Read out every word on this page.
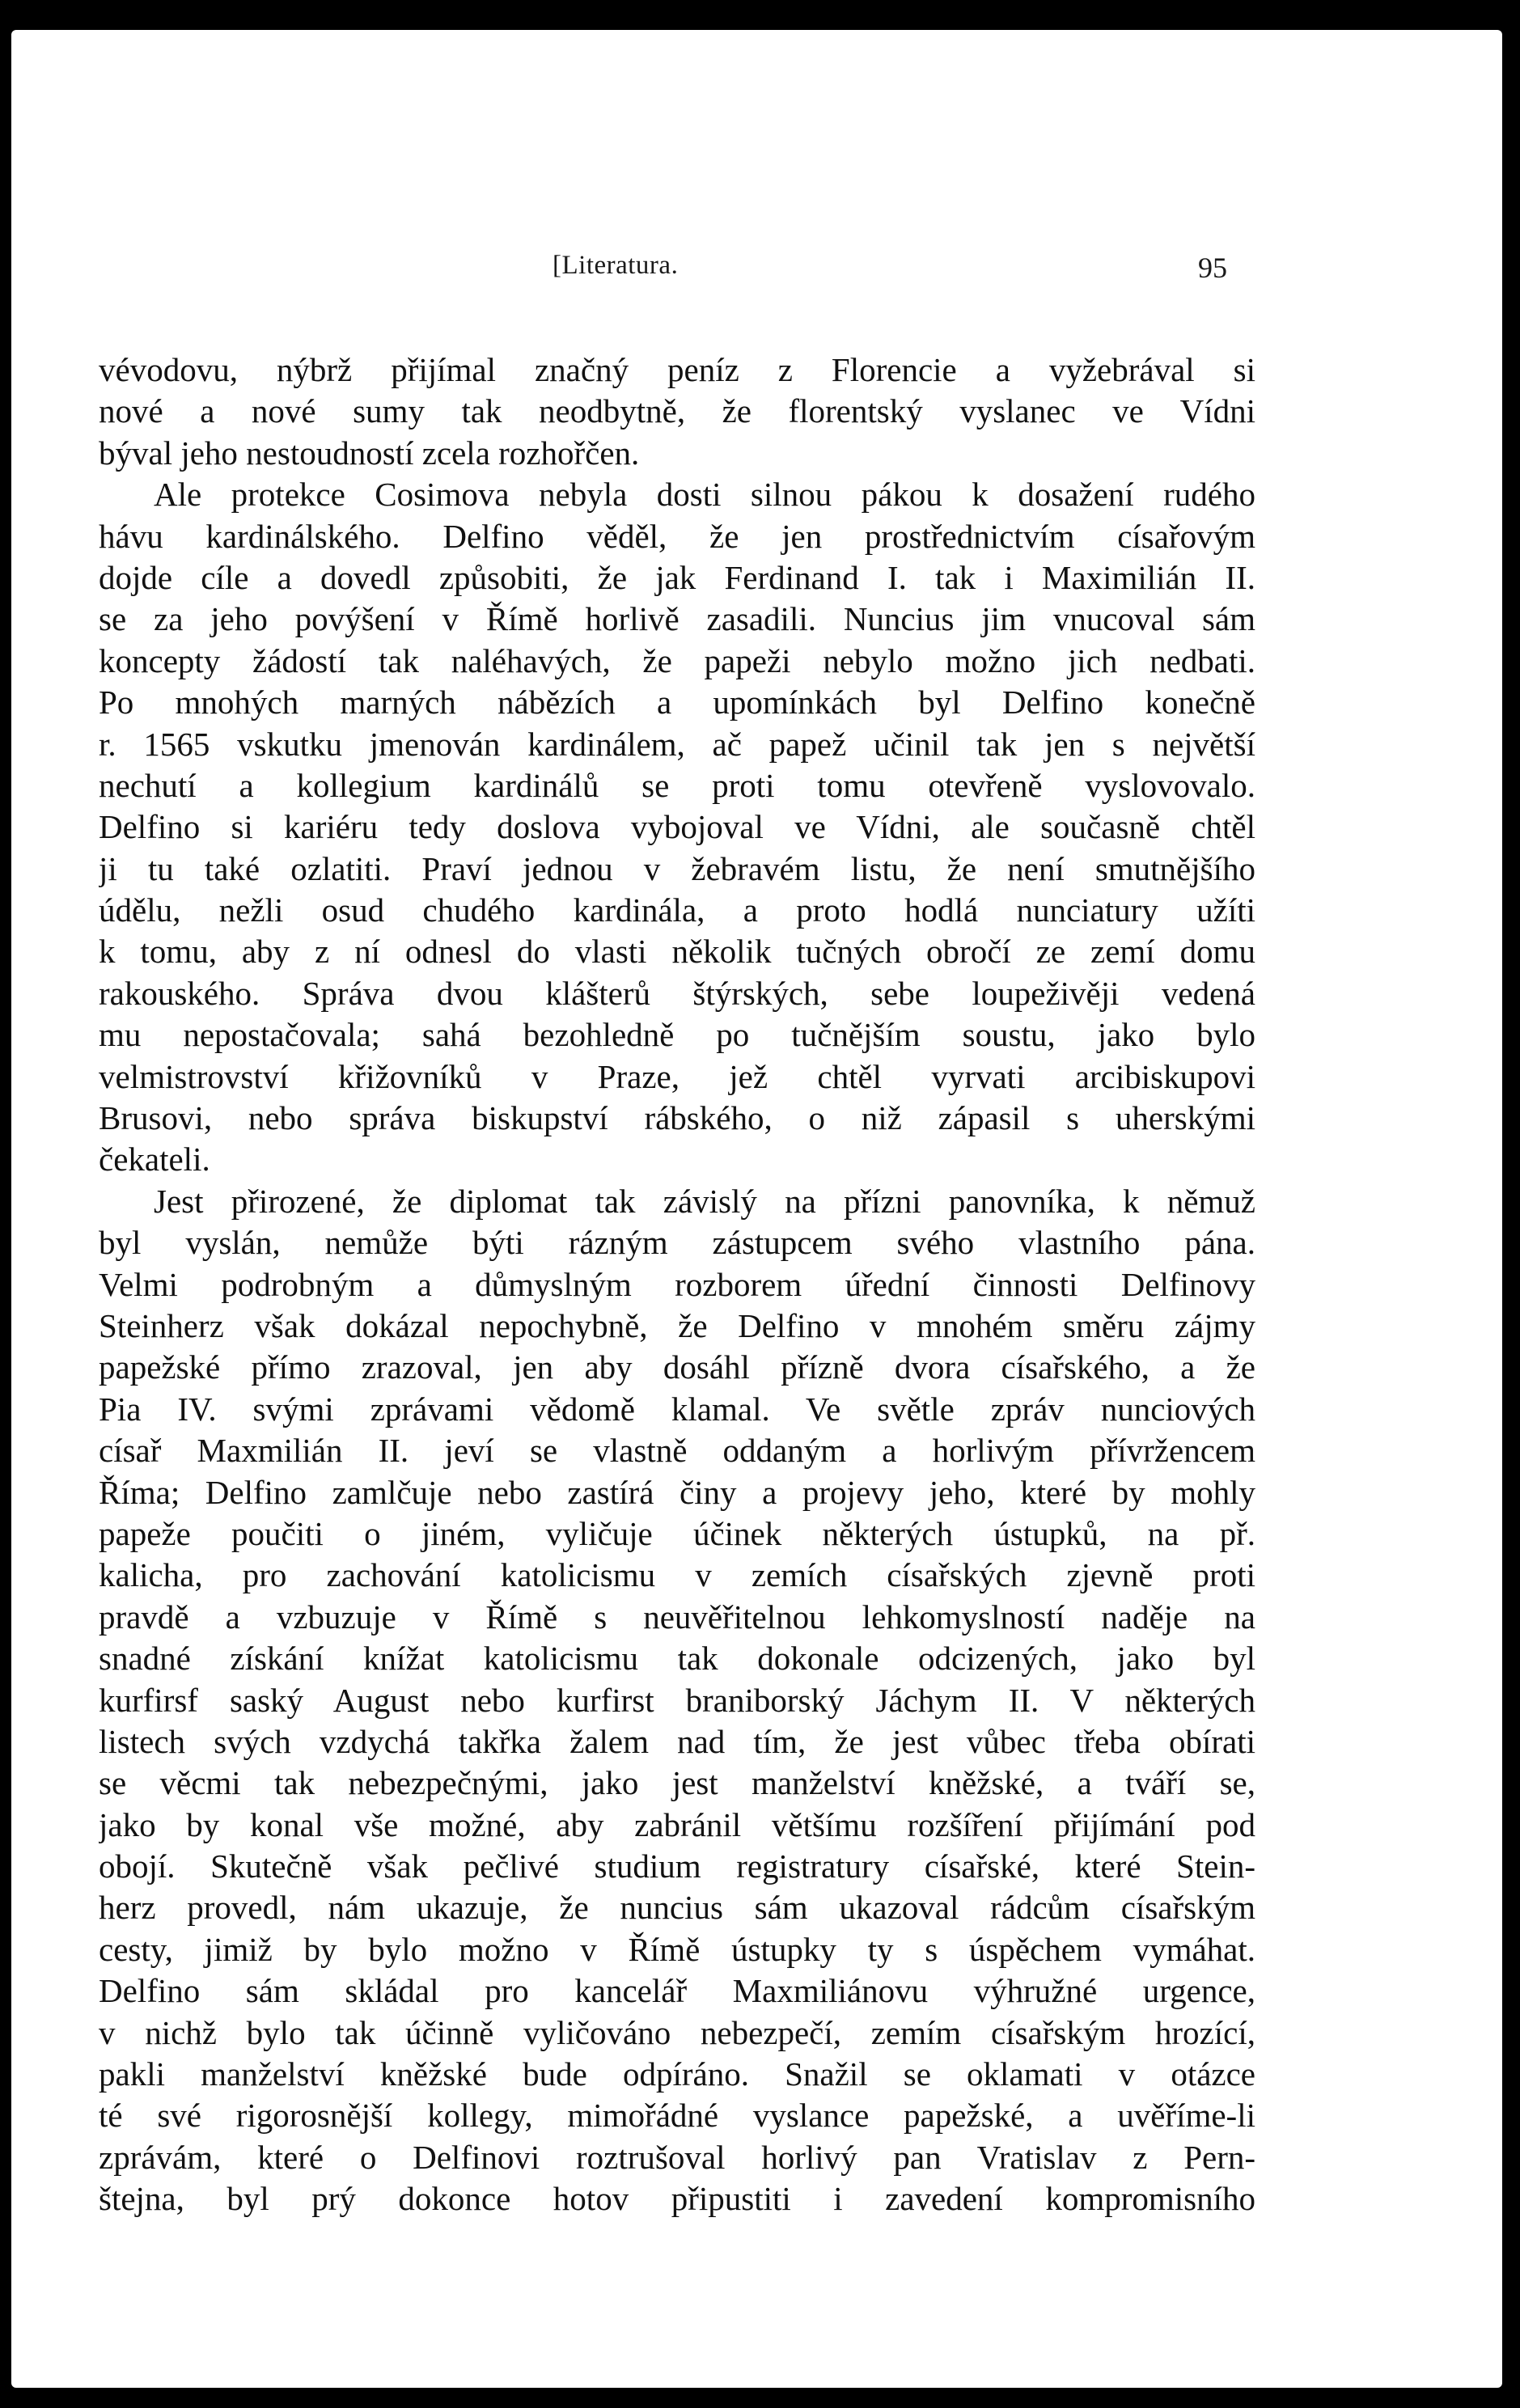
[Literatura.	95
vévodovu, nýbrž přijímal značný peníz z Florencie a vyžebrával si
nové a nové sumy tak neodbytně, že florentský vyslanec ve Vídni
býval jeho nestoudností zcela rozhořčen.
Ale protekce Cosimova nebyla dosti silnou pákou k dosažení rudého
hávu kardinálského. Delfino věděl, že jen prostřednictvím císařovým
dojde cíle a dovedl způsobiti, že jak Ferdinand I. tak i Maximilián II.
se za jeho povýšení v Římě horlivě zasadili. Nuncius jim vnucoval sám
koncepty žádostí tak naléhavých, že papeži nebylo možno jich nedbati.
Po mnohých marných nábězích a upomínkách byl Delfino konečně
r. 1565 vskutku jmenován kardinálem, ač papež učinil tak jen s největší
nechutí a kollegium kardinálů se proti tomu otevřeně vyslovovalo.
Delfino si kariéru tedy doslova vybojoval ve Vídni, ale současně chtěl
ji tu také ozlatiti. Praví jednou v žebravém listu, že není smutnějšího
údělu, nežli osud chudého kardinála, a proto hodlá nunciatury užíti
k tomu, aby z ní odnesl do vlasti několik tučných obročí ze zemí domu
rakouského. Správa dvou klášterů štýrských, sebe loupeživěji vedená
mu nepostačovala; sahá bezohledně po tučnějším soustu, jako bylo
velmistrovství křižovníků v Praze, jež chtěl vyrvati arcibiskupovi
Brusovi, nebo správa biskupství rábského, o niž zápasil s uherskými
čekateli.
Jest přirozené, že diplomat tak závislý na přízni panovníka, k němuž
byl vyslán, nemůže býti rázným zástupcem svého vlastního pána.
Velmi podrobným a důmyslným rozborem úřední činnosti Delfinovy
Steinherz však dokázal nepochybně, že Delfino v mnohém směru zájmy
papežské přímo zrazoval, jen aby dosáhl přízně dvora císařského, a že
Pia IV. svými zprávami vědomě klamal. Ve světle zpráv nunciových
císař Maxmilián II. jeví se vlastně oddaným a horlivým přívržencem
Říma; Delfino zamlčuje nebo zastírá činy a projevy jeho, které by mohly
papeže poučiti o jiném, vyličuje účinek některých ústupků, na př.
kalicha, pro zachování katolicismu v zemích císařských zjevně proti
pravdě a vzbuzuje v Římě s neuvěřitelnou lehkomyslností naděje na
snadné získání knížat katolicismu tak dokonale odcizených, jako byl
kurfirsf saský August nebo kurfirst braniborský Jáchym II. V některých
listech svých vzdychá takřka žalem nad tím, že jest vůbec třeba obírati
se věcmi tak nebezpečnými, jako jest manželství kněžské, a tváří se,
jako by konal vše možné, aby zabránil většímu rozšíření přijímání pod
obojí. Skutečně však pečlivé studium registratury císařské, které Stein-
herz provedl, nám ukazuje, že nuncius sám ukazoval rádcům císařským
cesty, jimiž by bylo možno v Římě ústupky ty s úspěchem vymáhat.
Delfino sám skládal pro kancelář Maxmiliánovu výhružné urgence,
v nichž bylo tak účinně vyličováno nebezpečí, zemím císařským hrozící,
pakli manželství kněžské bude odpíráno. Snažil se oklamati v otázce
té své rigorosnější kollegy, mimořádné vyslance papežské, a uvěříme-li
zprávám, které o Delfinovi roztrušoval horlivý pan Vratislav z Pern-
štejna, byl prý dokonce hotov připustiti i zavedení kompromisního
